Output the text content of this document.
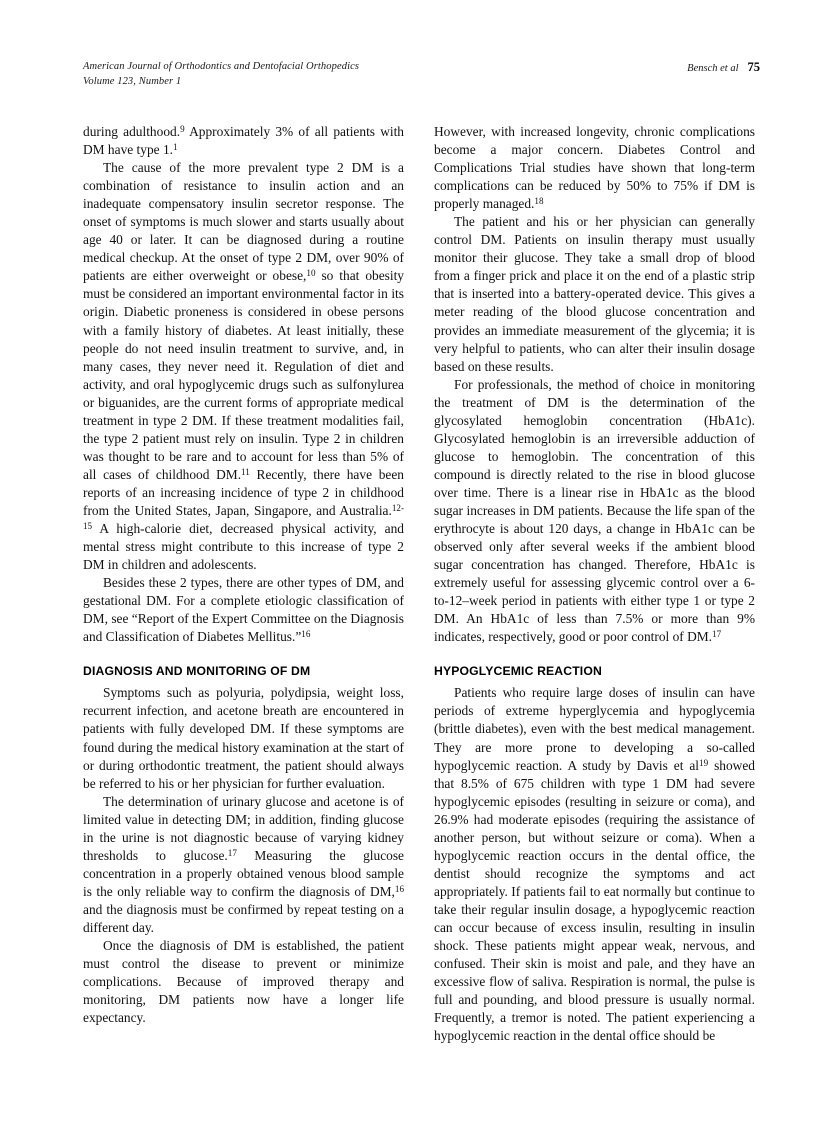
American Journal of Orthodontics and Dentofacial Orthopedics
Volume 123, Number 1
Bensch et al 75

during adulthood.$^9$ Approximately 3% of all patients with DM have type 1.$^1$

The cause of the more prevalent type 2 DM is a combination of resistance to insulin action and an inadequate compensatory insulin secretor response. The onset of symptoms is much slower and starts usually about age 40 or later. It can be diagnosed during a routine medical checkup. At the onset of type 2 DM, over 90% of patients are either overweight or obese,$^{10}$ so that obesity must be considered an important environmental factor in its origin. Diabetic proneness is considered in obese persons with a family history of diabetes. At least initially, these people do not need insulin treatment to survive, and, in many cases, they never need it. Regulation of diet and activity, and oral hypoglycemic drugs such as sulfonylurea or biguanides, are the current forms of appropriate medical treatment in type 2 DM. If these treatment modalities fail, the type 2 patient must rely on insulin. Type 2 in children was thought to be rare and to account for less than 5% of all cases of childhood DM.$^{11}$ Recently, there have been reports of an increasing incidence of type 2 in childhood from the United States, Japan, Singapore, and Australia.$^{12-15}$ A high-calorie diet, decreased physical activity, and mental stress might contribute to this increase of type 2 DM in children and adolescents.

Besides these 2 types, there are other types of DM, and gestational DM. For a complete etiologic classification of DM, see “Report of the Expert Committee on the Diagnosis and Classification of Diabetes Mellitus.”$^{16}$

DIAGNOSIS AND MONITORING OF DM

Symptoms such as polyuria, polydipsia, weight loss, recurrent infection, and acetone breath are encountered in patients with fully developed DM. If these symptoms are found during the medical history examination at the start of or during orthodontic treatment, the patient should always be referred to his or her physician for further evaluation.

The determination of urinary glucose and acetone is of limited value in detecting DM; in addition, finding glucose in the urine is not diagnostic because of varying kidney thresholds to glucose.$^{17}$ Measuring the glucose concentration in a properly obtained venous blood sample is the only reliable way to confirm the diagnosis of DM,$^{16}$ and the diagnosis must be confirmed by repeat testing on a different day.

Once the diagnosis of DM is established, the patient must control the disease to prevent or minimize complications. Because of improved therapy and monitoring, DM patients now have a longer life expectancy.

However, with increased longevity, chronic complications become a major concern. Diabetes Control and Complications Trial studies have shown that long-term complications can be reduced by 50% to 75% if DM is properly managed.$^{18}$

The patient and his or her physician can generally control DM. Patients on insulin therapy must usually monitor their glucose. They take a small drop of blood from a finger prick and place it on the end of a plastic strip that is inserted into a battery-operated device. This gives a meter reading of the blood glucose concentration and provides an immediate measurement of the glycemia; it is very helpful to patients, who can alter their insulin dosage based on these results.

For professionals, the method of choice in monitoring the treatment of DM is the determination of the glycosylated hemoglobin concentration (HbA1c). Glycosylated hemoglobin is an irreversible adduction of glucose to hemoglobin. The concentration of this compound is directly related to the rise in blood glucose over time. There is a linear rise in HbA1c as the blood sugar increases in DM patients. Because the life span of the erythrocyte is about 120 days, a change in HbA1c can be observed only after several weeks if the ambient blood sugar concentration has changed. Therefore, HbA1c is extremely useful for assessing glycemic control over a 6-to-12–week period in patients with either type 1 or type 2 DM. An HbA1c of less than 7.5% or more than 9% indicates, respectively, good or poor control of DM.$^{17}$

HYPOGLYCEMIC REACTION

Patients who require large doses of insulin can have periods of extreme hyperglycemia and hypoglycemia (brittle diabetes), even with the best medical management. They are more prone to developing a so-called hypoglycemic reaction. A study by Davis et $al^{19}$ showed that 8.5% of 675 children with type 1 DM had severe hypoglycemic episodes (resulting in seizure or coma), and 26.9% had moderate episodes (requiring the assistance of another person, but without seizure or coma). When a hypoglycemic reaction occurs in the dental office, the dentist should recognize the symptoms and act appropriately. If patients fail to eat normally but continue to take their regular insulin dosage, a hypoglycemic reaction can occur because of excess insulin, resulting in insulin shock. These patients might appear weak, nervous, and confused. Their skin is moist and pale, and they have an excessive flow of saliva. Respiration is normal, the pulse is full and pounding, and blood pressure is usually normal. Frequently, a tremor is noted. The patient experiencing a hypoglycemic reaction in the dental office should be
